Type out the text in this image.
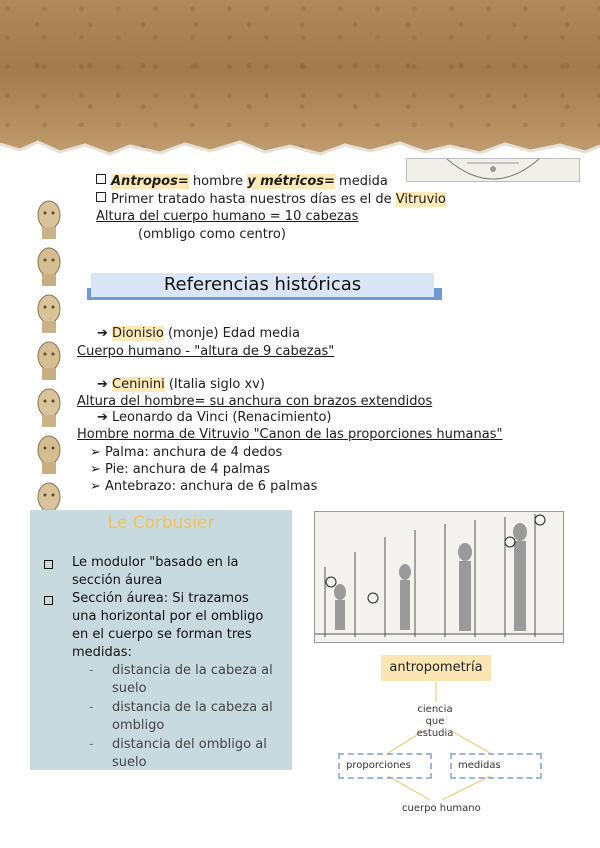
Antropos= hombre y métricos= medida
Primer tratado hasta nuestros días es el de Vitruvio
Altura del cuerpo humano = 10 cabezas
(ombligo como centro)
Referencias históricas
➔ Dionisio (monje) Edad media
Cuerpo humano - "altura de 9 cabezas"
➔ Ceninini (Italia siglo xv)
Altura del hombre= su anchura con brazos extendidos
➔ Leonardo da Vinci (Renacimiento)
Hombre norma de Vitruvio "Canon de las proporciones humanas"
➢ Palma: anchura de 4 dedos
➢ Pie: anchura de 4 palmas
➢ Antebrazo: anchura de 6 palmas
Le Corbusier
Le modulor "basado en la
sección áurea
Sección áurea: Si trazamos
una horizontal por el ombligo
en el cuerpo se forman tres
medidas:
- distancia de la cabeza al
suelo
- distancia de la cabeza al
ombligo
- distancia del ombligo al
suelo
antropometría
ciencia
que
estudia
proporciones	medidas
cuerpo humano
